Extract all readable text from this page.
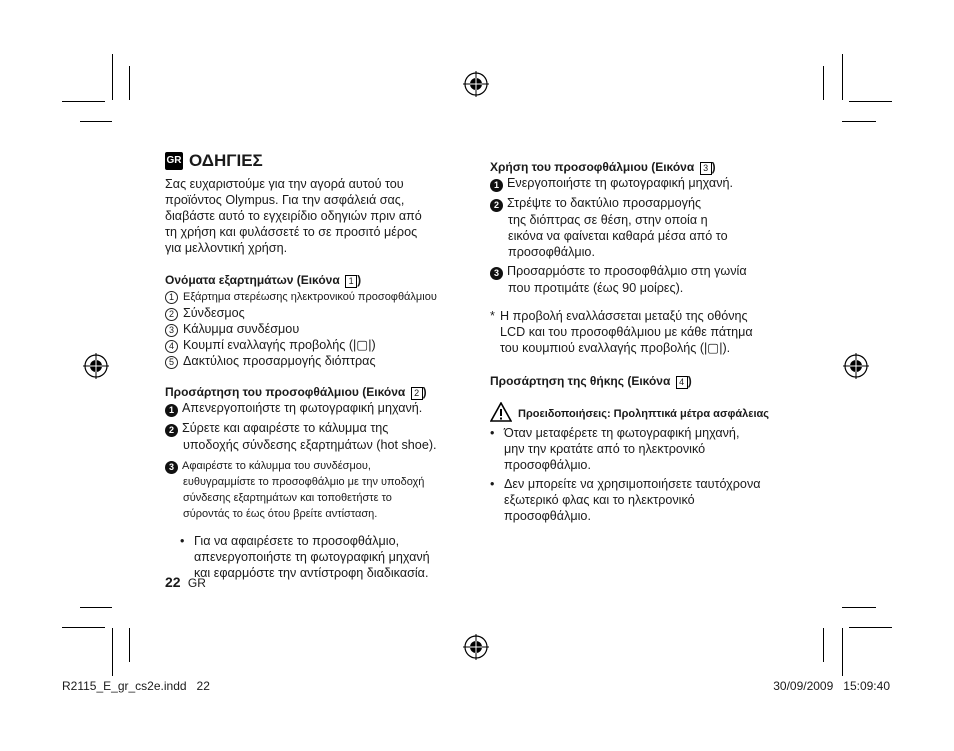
GR ΟΔΗΓΙΕΣ

Σας ευχαριστούμε για την αγορά αυτού του

προϊόντος Olympus. Για την ασφάλειά σας,

διαβάστε αυτό το εγχειρίδιο οδηγιών πριν από

τη χρήση και φυλάσσετέ το σε προσιτό μέρος

για μελλοντική χρήση.

Ονόματα εξαρτημάτων (Εικόνα 1 )

1 Εξάρτημα στερέωσης ηλεκτρονικού προσοφθάλμιου

2 Σύνδεσμος

3 Κάλυμμα συνδέσμου

4 Κουμπί εναλλαγής προβολής (|▢|)

5 Δακτύλιος προσαρμογής διόπτρας

Προσάρτηση του προσοφθάλμιου (Εικόνα 2 )

1 Απενεργοποιήστε τη φωτογραφική μηχανή.

2 Σύρετε και αφαιρέστε το κάλυμμα της

υποδοχής σύνδεσης εξαρτημάτων (hot shoe).

3 Αφαιρέστε το κάλυμμα του συνδέσμου,

ευθυγραμμίστε το προσοφθάλμιο με την υποδοχή

σύνδεσης εξαρτημάτων και τοποθετήστε το

σύροντάς το έως ότου βρείτε αντίσταση.

• Για να αφαιρέσετε το προσοφθάλμιο,

απενεργοποιήστε τη φωτογραφική μηχανή

και εφαρμόστε την αντίστροφη διαδικασία.

22 GR

Χρήση του προσοφθάλμιου (Εικόνα 3 )

1 Ενεργοποιήστε τη φωτογραφική μηχανή.

2 Στρέψτε το δακτύλιο προσαρμογής

της διόπτρας σε θέση, στην οποία η

εικόνα να φαίνεται καθαρά μέσα από το

προσοφθάλμιο.

3 Προσαρμόστε το προσοφθάλμιο στη γωνία

που προτιμάτε (έως 90 μοίρες).

* Η προβολή εναλλάσσεται μεταξύ της οθόνης

LCD και του προσοφθάλμιου με κάθε πάτημα

του κουμπιού εναλλαγής προβολής (|▢|).

Προσάρτηση της θήκης (Εικόνα 4 )

Προειδοποιήσεις: Προληπτικά μέτρα ασφάλειας
• Όταν μεταφέρετε τη φωτογραφική μηχανή,

μην την κρατάτε από το ηλεκτρονικό

προσοφθάλμιο.

• Δεν μπορείτε να χρησιμοποιήσετε ταυτόχρονα

εξωτερικό φλας και το ηλεκτρονικό

προσοφθάλμιο.

R2115_E_gr_cs2e.indd   22	30/09/2009   15:09:40
